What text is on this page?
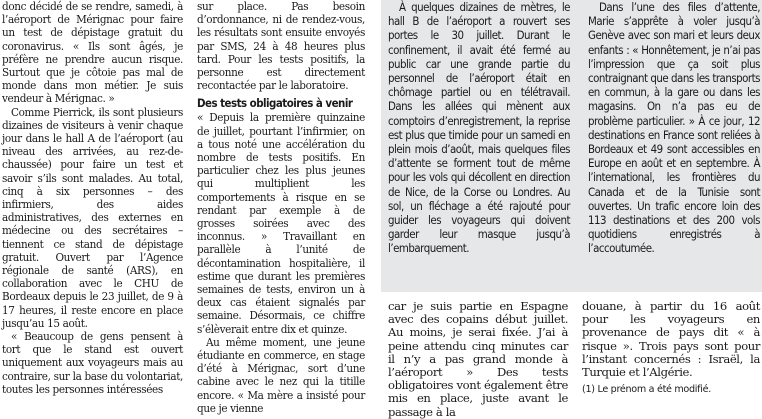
donc décidé de se rendre, samedi, à l’aéroport de Mérignac pour faire un test de dépistage gratuit du coronavirus. « Ils sont âgés, je préfère ne prendre aucun risque. Surtout que je côtoie pas mal de monde dans mon métier. Je suis vendeur à Mérignac. »

Comme Pierrick, ils sont plusieurs dizaines de visiteurs à venir chaque jour dans le hall A de l’aéroport (au niveau des arrivées, au rez-de-chaussée) pour faire un test et savoir s’ils sont malades. Au total, cinq à six personnes – des infirmiers, des aides administratives, des externes en médecine ou des secrétaires – tiennent ce stand de dépistage gratuit. Ouvert par l’Agence régionale de santé (ARS), en collaboration avec le CHU de Bordeaux depuis le 23 juillet, de 9 à 17 heures, il reste encore en place jusqu’au 15 août.

« Beaucoup de gens pensent à tort que le stand est ouvert uniquement aux voyageurs mais au contraire, sur la base du volontariat, toutes les personnes intéressées

sur place. Pas besoin d’ordonnance, ni de rendez-vous, les résultats sont ensuite envoyés par SMS, 24 à 48 heures plus tard. Pour les tests positifs, la personne est directement recontactée par le laboratoire.

Des tests obligatoires à venir

« Depuis la première quinzaine de juillet, pourtant l’infirmier, on a tous noté une accélération du nombre de tests positifs. En particulier chez les plus jeunes qui multiplient les comportements à risque en se rendant par exemple à de grosses soirées avec des inconnus. » Travaillant en parallèle à l’unité de décontamination hospitalière, il estime que durant les premières semaines de tests, environ un à deux cas étaient signalés par semaine. Désormais, ce chiffre s’élèverait entre dix et quinze.

Au même moment, une jeune étudiante en commerce, en stage d’été à Mérignac, sort d’une cabine avec le nez qui la titille encore. « Ma mère a insisté pour que je vienne

À quelques dizaines de mètres, le hall B de l’aéroport a rouvert ses portes le 30 juillet. Durant le confinement, il avait été fermé au public car une grande partie du personnel de l’aéroport était en chômage partiel ou en télétravail. Dans les allées qui mènent aux comptoirs d’enregistrement, la reprise est plus que timide pour un samedi en plein mois d’août, mais quelques files d’attente se forment tout de même pour les vols qui décollent en direction de Nice, de la Corse ou Londres. Au sol, un fléchage a été rajouté pour guider les voyageurs qui doivent garder leur masque jusqu’à l’embarquement.

Dans l’une des files d’attente, Marie s’apprête à voler jusqu’à Genève avec son mari et leurs deux enfants : « Honnêtement, je n’ai pas l’impression que ça soit plus contraignant que dans les transports en commun, à la gare ou dans les magasins. On n’a pas eu de problème particulier. » À ce jour, 12 destinations en France sont reliées à Bordeaux et 49 sont accessibles en Europe en août et en septembre. À l’international, les frontières du Canada et de la Tunisie sont ouvertes. Un trafic encore loin des 113 destinations et des 200 vols quotidiens enregistrés à l’accoutumée.

car je suis partie en Espagne avec des copains début juillet. Au moins, je serai fixée. J’ai à peine attendu cinq minutes car il n’y a pas grand monde à l’aéroport » Des tests obligatoires vont également être mis en place, juste avant le passage à la

douane, à partir du 16 août pour les voyageurs en provenance de pays dit « à risque ». Trois pays sont pour l’instant concernés : Israël, la Turquie et l’Algérie.

(1) Le prénom a été modifié.
